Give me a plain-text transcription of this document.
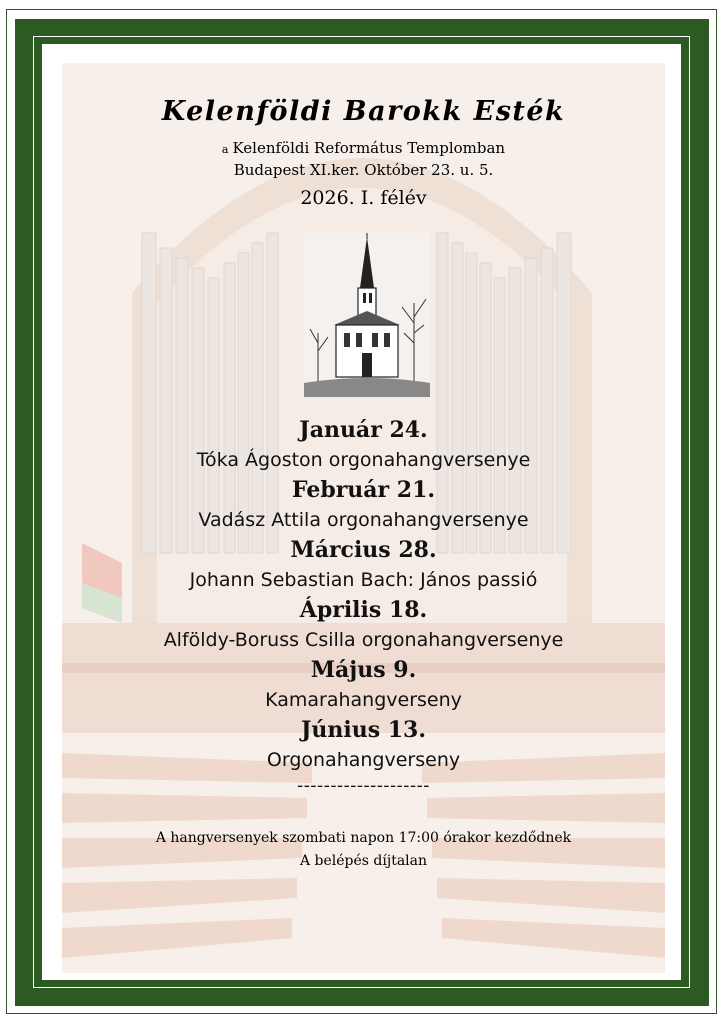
Kelenföldi Barokk Esték
a Kelenföldi Református Templomban
Budapest XI.ker. Október 23. u. 5.
2026. I. félév
Január 24.
Tóka Ágoston orgonahangversenye
Február 21.
Vadász Attila orgonahangversenye
Március 28.
Johann Sebastian Bach: János passió
Április 18.
Alföldy-Boruss Csilla orgonahangversenye
Május 9.
Kamarahangverseny
Június 13.
Orgonahangverseny
--------------------
A hangversenyek szombati napon 17:00 órakor kezdődnek
A belépés díjtalan
